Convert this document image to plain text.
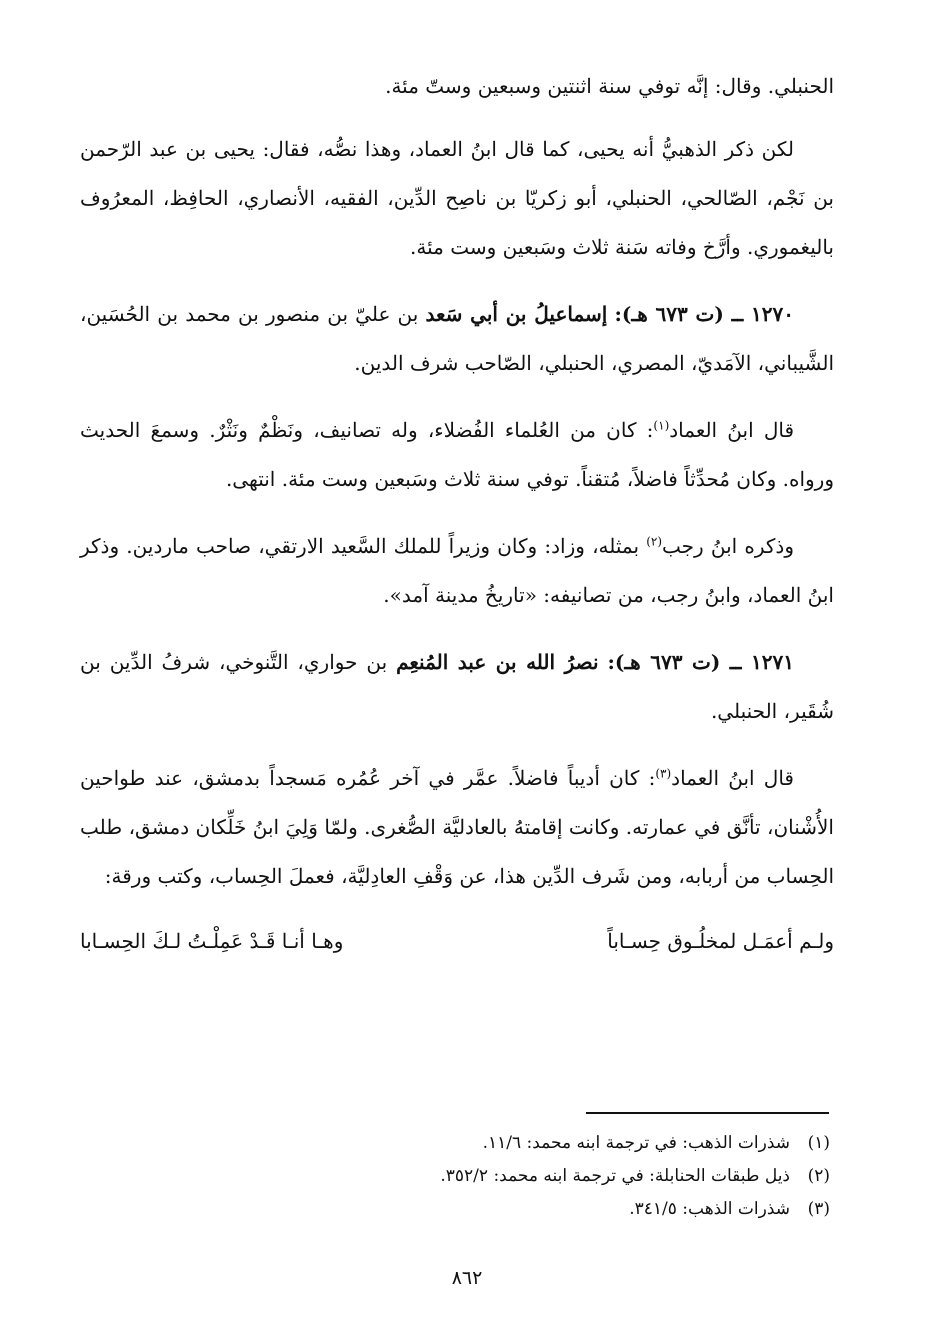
الحنبلي. وقال: إنَّه توفي سنة اثنتين وسبعين وستّ مئة.

لكن ذكر الذهبيُّ أنه يحيى، كما قال ابنُ العماد، وهذا نصُّه، فقال: يحيى بن عبد الرّحمن بن نَجْم، الصّالحي، الحنبلي، أبو زكريّا بن ناصِح الدِّين، الفقيه، الأنصاري، الحافِظ، المعرُوف باليغموري. وأرَّخ وفاته سَنة ثلاث وسَبعين وست مئة.

١٢٧٠ ــ (ت ٦٧٣ هـ): إسماعيلُ بن أبي سَعد بن عليّ بن منصور بن محمد بن الحُسَين، الشَّيباني، الآمَديّ، المصري، الحنبلي، الصّاحب شرف الدين.

قال ابنُ العماد$^{(١)}$: كان من العُلماء الفُضلاء، وله تصانيف، ونَظْمٌ ونَثْرٌ. وسمعَ الحديث ورواه. وكان مُحدِّثاً فاضلاً، مُتقناً. توفي سنة ثلاث وسَبعين وست مئة. انتهى.

وذكره ابنُ رجب$^{(٢)}$ بمثله، وزاد: وكان وزيراً للملك السَّعيد الارتقي، صاحب ماردين. وذكر ابنُ العماد، وابنُ رجب، من تصانيفه: «تاريخُ مدينة آمد».

١٢٧١ ــ (ت ٦٧٣ هـ): نصرُ الله بن عبد المُنعِم بن حواري، التَّنوخي، شرفُ الدِّين بن شُقَير، الحنبلي.

قال ابنُ العماد$^{(٣)}$: كان أديباً فاضلاً. عمَّر في آخر عُمُره مَسجداً بدمشق، عند طواحين الأُشْنان، تأنَّق في عمارته. وكانت إقامتهُ بالعادليَّة الصُّغرى. ولمّا وَلِيَ ابنُ خَلِّكان دمشق، طلب الحِساب من أربابه، ومن شَرف الدِّين هذا، عن وَقْفِ العادِليَّة، فعملَ الحِساب، وكتب ورقة:

ولـم أعمَـل لمخلُـوق حِسـاباً
وهـا أنـا قَـدْ عَمِلْـتُ لـكَ الحِسـابا
(١)
شذرات الذهب: في ترجمة ابنه محمد: ١١/٦.
(٢)
ذيل طبقات الحنابلة: في ترجمة ابنه محمد: ٣٥٢/٢.
(٣)
شذرات الذهب: ٣٤١/٥.
٨٦٢
